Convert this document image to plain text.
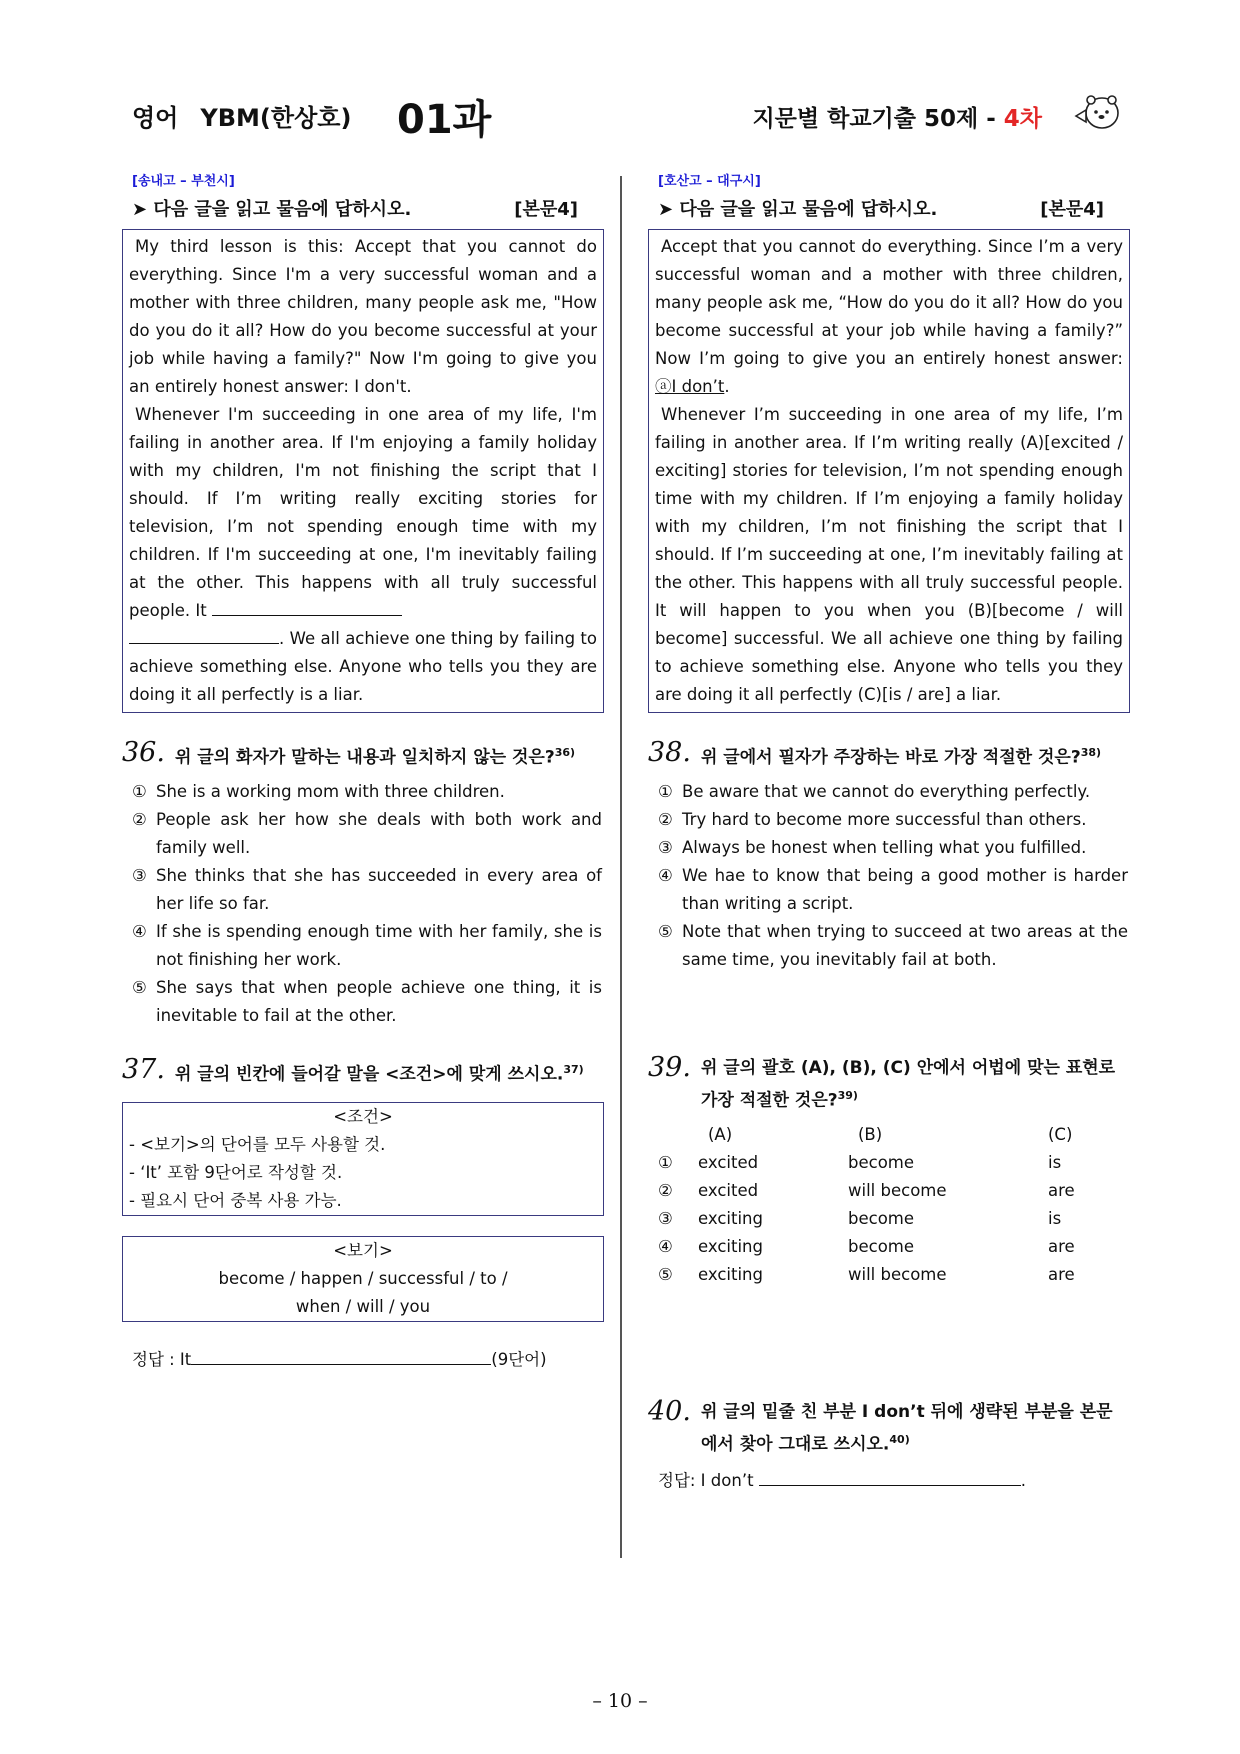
영어 YBM(한상호) 01과	지문별 학교기출 50제 - 4차
[송내고 – 부천시]
➤ 다음 글을 읽고 물음에 답하시오.	[본문4]

My third lesson is this: Accept that you cannot do everything. Since I'm a very successful woman and a mother with three children, many people ask me, "How do you do it all? How do you become successful at your job while having a family?" Now I'm going to give you an entirely honest answer: I don't.

Whenever I'm succeeding in one area of my life, I'm failing in another area. If I'm enjoying a family holiday with my children, I'm not finishing the script that I should. If I’m writing really exciting stories for television, I’m not spending enough time with my children. If I'm succeeding at one, I'm inevitably failing at the other. This happens with all truly successful people. It
. We all achieve one thing by failing to achieve something else. Anyone who tells you they are doing it all perfectly is a liar.

36. 위 글의 화자가 말하는 내용과 일치하지 않는 것은?$^{36)}$
① She is a working mom with three children.
② People ask her how she deals with both work and family well.
③ She thinks that she has succeeded in every area of her life so far.
④ If she is spending enough time with her family, she is not finishing her work.
⑤ She says that when people achieve one thing, it is inevitable to fail at the other.
37. 위 글의 빈칸에 들어갈 말을 <조건>에 맞게 쓰시오.$^{37)}$
<조건>
- <보기>의 단어를 모두 사용할 것.
- ‘It’ 포함 9단어로 작성할 것.
- 필요시 단어 중복 사용 가능.
<보기>
become / happen / successful / to /
when / will / you
정답 : It	(9단어)
[호산고 – 대구시]
➤ 다음 글을 읽고 물음에 답하시오.	[본문4]

Accept that you cannot do everything. Since I’m a very successful woman and a mother with three children, many people ask me, “How do you do it all? How do you become successful at your job while having a family?” Now I’m going to give you an entirely honest answer: ⓐI don’t.

Whenever I’m succeeding in one area of my life, I’m failing in another area. If I’m writing really (A)[excited / exciting] stories for television, I’m not spending enough time with my children. If I’m enjoying a family holiday with my children, I’m not finishing the script that I should. If I’m succeeding at one, I’m inevitably failing at the other. This happens with all truly successful people. It will happen to you when you (B)[become / will become] successful. We all achieve one thing by failing to achieve something else. Anyone who tells you they are doing it all perfectly (C)[is / are] a liar.

38. 위 글에서 필자가 주장하는 바로 가장 적절한 것은?$^{38)}$
① Be aware that we cannot do everything perfectly.
② Try hard to become more successful than others.
③ Always be honest when telling what you fulfilled.
④ We hae to know that being a good mother is harder than writing a script.
⑤ Note that when trying to succeed at two areas at the same time, you inevitably fail at both.
39. 위 글의 괄호 (A), (B), (C) 안에서 어법에 맞는 표현로 가장 적절한 것은?$^{39)}$
	(A)	(B)	(C)
①	excited	become	is
②	excited	will become	are
③	exciting	become	is
④	exciting	become	are
⑤	exciting	will become	are
40. 위 글의 밑줄 친 부분 I don’t 뒤에 생략된 부분을 본문에서 찾아 그대로 쓰시오.$^{40)}$
정답: I don’t	.
– 10 –
